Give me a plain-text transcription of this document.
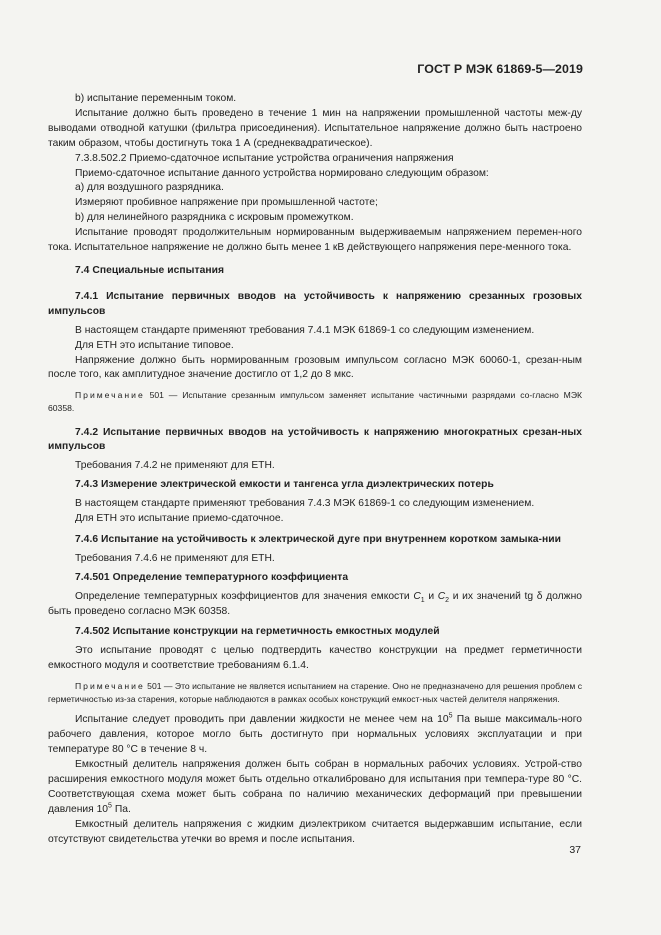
ГОСТ Р МЭК 61869-5—2019

b) испытание переменным током.

Испытание должно быть проведено в течение 1 мин на напряжении промышленной частоты меж-ду выводами отводной катушки (фильтра присоединения). Испытательное напряжение должно быть настроено таким образом, чтобы достигнуть тока 1 А (среднеквадратическое).

7.3.8.502.2 Приемо-сдаточное испытание устройства ограничения напряжения

Приемо-сдаточное испытание данного устройства нормировано следующим образом:

а) для воздушного разрядника.

Измеряют пробивное напряжение при промышленной частоте;

b) для нелинейного разрядника с искровым промежутком.

Испытание проводят продолжительным нормированным выдерживаемым напряжением перемен-ного тока. Испытательное напряжение не должно быть менее 1 кВ действующего напряжения пере-менного тока.

7.4 Специальные испытания

7.4.1 Испытание первичных вводов на устойчивость к напряжению срезанных грозовых импульсов

В настоящем стандарте применяют требования 7.4.1 МЭК 61869-1 со следующим изменением.

Для ЕТН это испытание типовое.

Напряжение должно быть нормированным грозовым импульсом согласно МЭК 60060-1, срезан-ным после того, как амплитудное значение достигло от 1,2 до 8 мкс.

Примечание 501 — Испытание срезанным импульсом заменяет испытание частичными разрядами со-гласно МЭК 60358.

7.4.2 Испытание первичных вводов на устойчивость к напряжению многократных срезан-ных импульсов

Требования 7.4.2 не применяют для ЕТН.

7.4.3 Измерение электрической емкости и тангенса угла диэлектрических потерь

В настоящем стандарте применяют требования 7.4.3 МЭК 61869-1 со следующим изменением.

Для ЕТН это испытание приемо-сдаточное.

7.4.6 Испытание на устойчивость к электрической дуге при внутреннем коротком замыка-нии

Требования 7.4.6 не применяют для ЕТН.

7.4.501 Определение температурного коэффициента

Определение температурных коэффициентов для значения емкости $C_1$ и $C_2$ и их значений tg δ должно быть проведено согласно МЭК 60358.

7.4.502 Испытание конструкции на герметичность емкостных модулей

Это испытание проводят с целью подтвердить качество конструкции на предмет герметичности емкостного модуля и соответствие требованиям 6.1.4.

Примечание 501 — Это испытание не является испытанием на старение. Оно не предназначено для решения проблем с герметичностью из-за старения, которые наблюдаются в рамках особых конструкций емкост-ных частей делителя напряжения.

Испытание следует проводить при давлении жидкости не менее чем на $10^5$ Па выше максималь-ного рабочего давления, которое могло быть достигнуто при нормальных условиях эксплуатации и при температуре 80 °С в течение 8 ч.

Емкостный делитель напряжения должен быть собран в нормальных рабочих условиях. Устрой-ство расширения емкостного модуля может быть отдельно откалибровано для испытания при темпера-туре 80 °С. Соответствующая схема может быть собрана по наличию механических деформаций при превышении давления $10^5$ Па.

Емкостный делитель напряжения с жидким диэлектриком считается выдержавшим испытание, если отсутствуют свидетельства утечки во время и после испытания.

37
